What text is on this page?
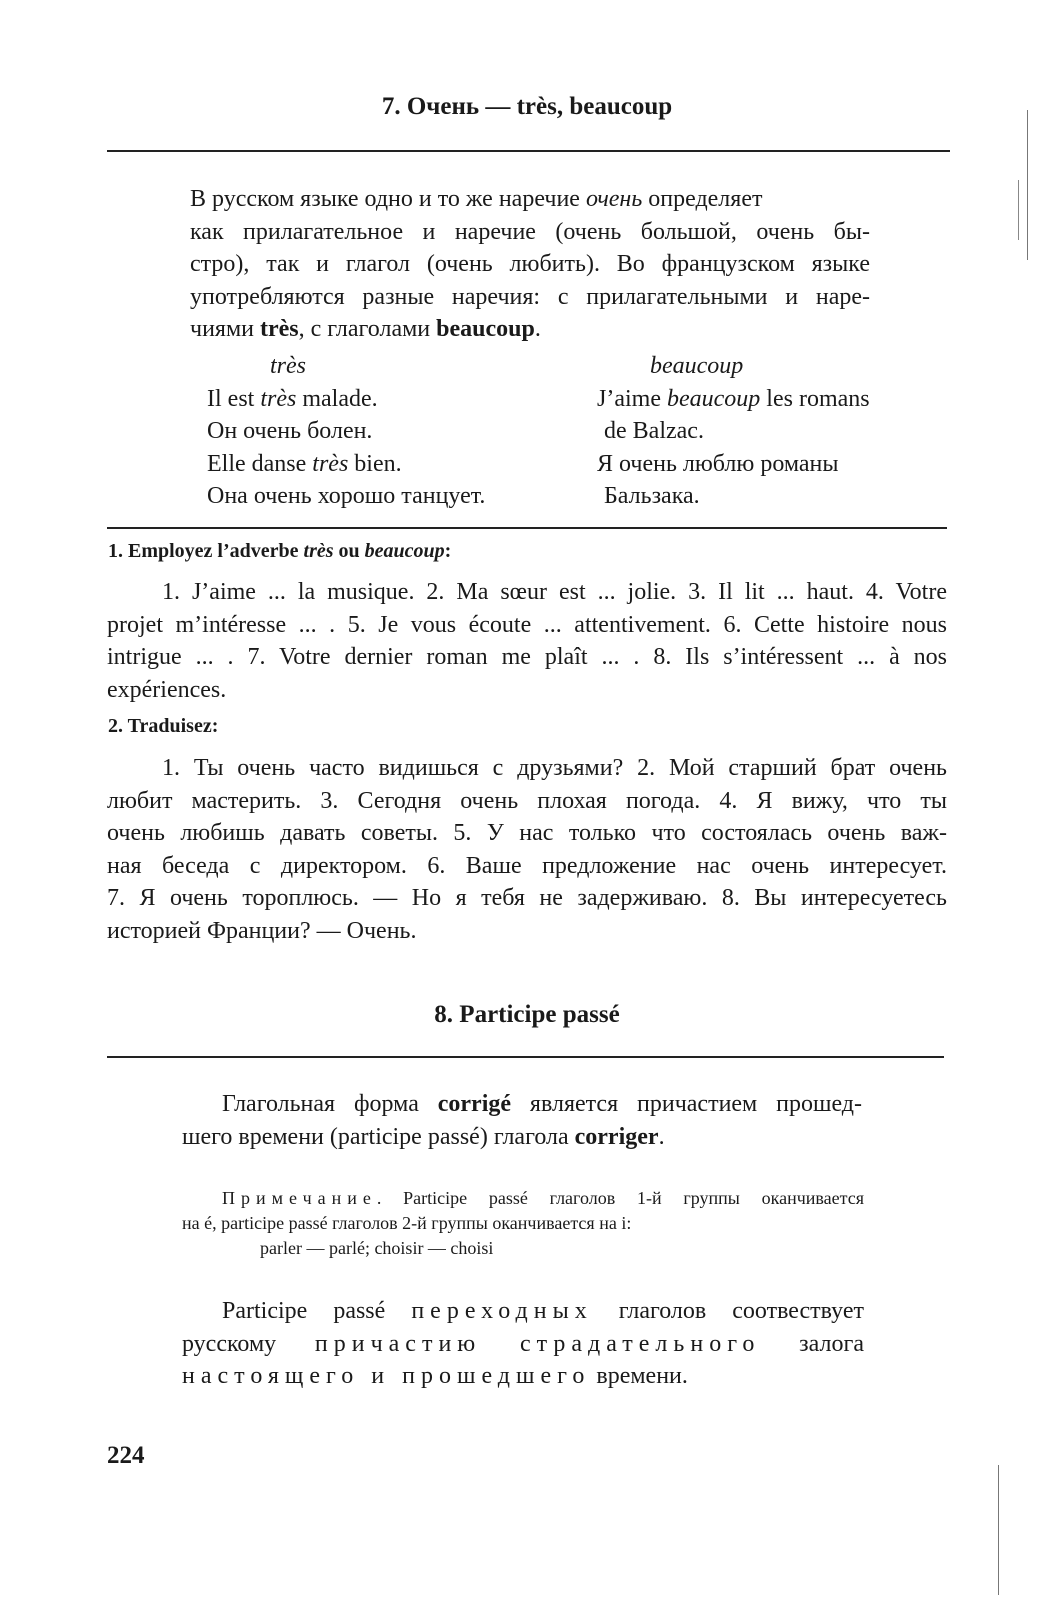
7. Очень — très, beaucoup
В русском языке одно и то же наречие очень определяет
как прилагательное и наречие (очень большой, очень бы-
стро), так и глагол (очень любить). Во французском языке
употребляются разные наречия: с прилагательными и наре-
чиями très, с глаголами beaucoup.
très
Il est très malade.
Он очень болен.
Elle danse très bien.
Она очень хорошо танцует.
beaucoup
J’aime beaucoup les romans
de Balzac.
Я очень люблю романы
Бальзака.
1. Employez l’adverbe très ou beaucoup:
1. J’aime ... la musique. 2. Ma sœur est ... jolie. 3. Il lit ... haut. 4. Votre
projet m’intéresse ... . 5. Je vous écoute ... attentivement. 6. Cette histoire nous
intrigue ... . 7. Votre dernier roman me plaît ... . 8. Ils s’intéressent ... à nos
expériences.
2. Traduisez:
1. Ты очень часто видишься с друзьями? 2. Мой старший брат очень
любит мастерить. 3. Сегодня очень плохая погода. 4. Я вижу, что ты
очень любишь давать советы. 5. У нас только что состоялась очень важ-
ная беседа с директором. 6. Ваше предложение нас очень интересует.
7. Я очень тороплюсь. — Но я тебя не задерживаю. 8. Вы интересуетесь
историей Франции? — Очень.
8. Participe passé
Глагольная форма corrigé является причастием прошед-
шего времени (participe passé) глагола corriger.
Примечание. Participe passé глаголов 1-й группы оканчивается
на é, participe passé глаголов 2-й группы оканчивается на i:
parler — parlé; choisir — choisi
Participe passé переходных глаголов соотвествует
русскому причастию страдательного залога
настоящего и прошедшего времени.
224
